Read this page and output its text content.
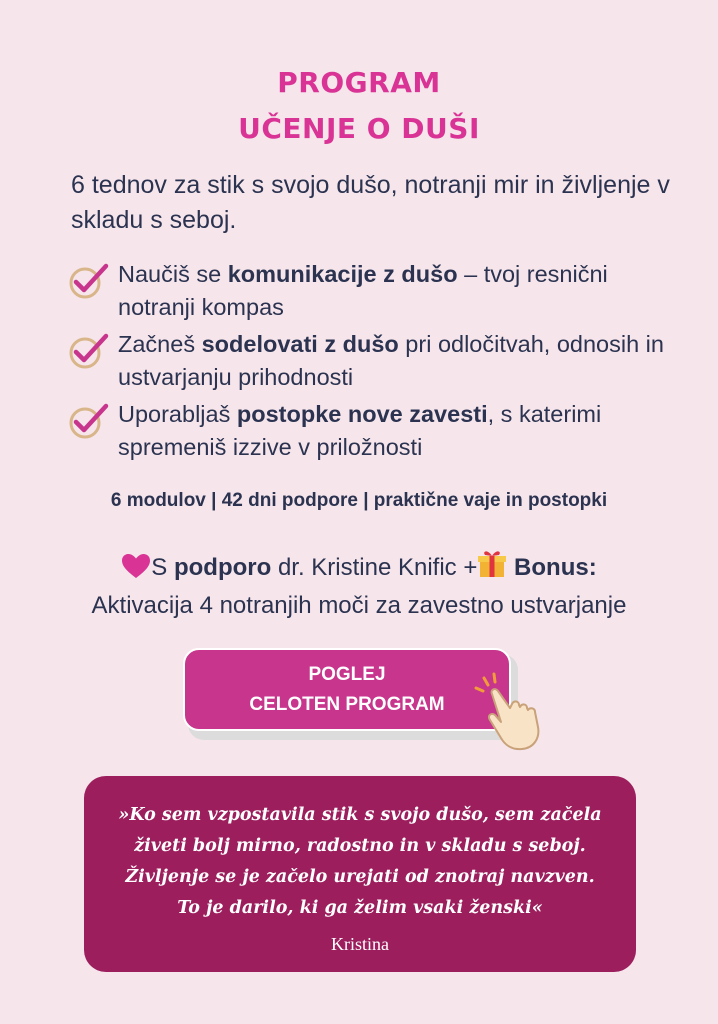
PROGRAM
UČENJE O DUŠI
6 tednov za stik s svojo dušo, notranji mir in življenje v skladu s seboj.
Naučiš se komunikacije z dušo – tvoj resnični notranji kompas
Začneš sodelovati z dušo pri odločitvah, odnosih in ustvarjanju prihodnosti
Uporabljaš postopke nove zavesti, s katerimi spremeniš izzive v priložnosti
6 modulov | 42 dni podpore | praktične vaje in postopki
S podporo dr. Kristine Knific + Bonus:
Aktivacija 4 notranjih moči za zavestno ustvarjanje
POGLEJ
CELOTEN PROGRAM
»Ko sem vzpostavila stik s svojo dušo, sem začela živeti bolj mirno, radostno in v skladu s seboj. Življenje se je začelo urejati od znotraj navzven. To je darilo, ki ga želim vsaki ženski«
Kristina
